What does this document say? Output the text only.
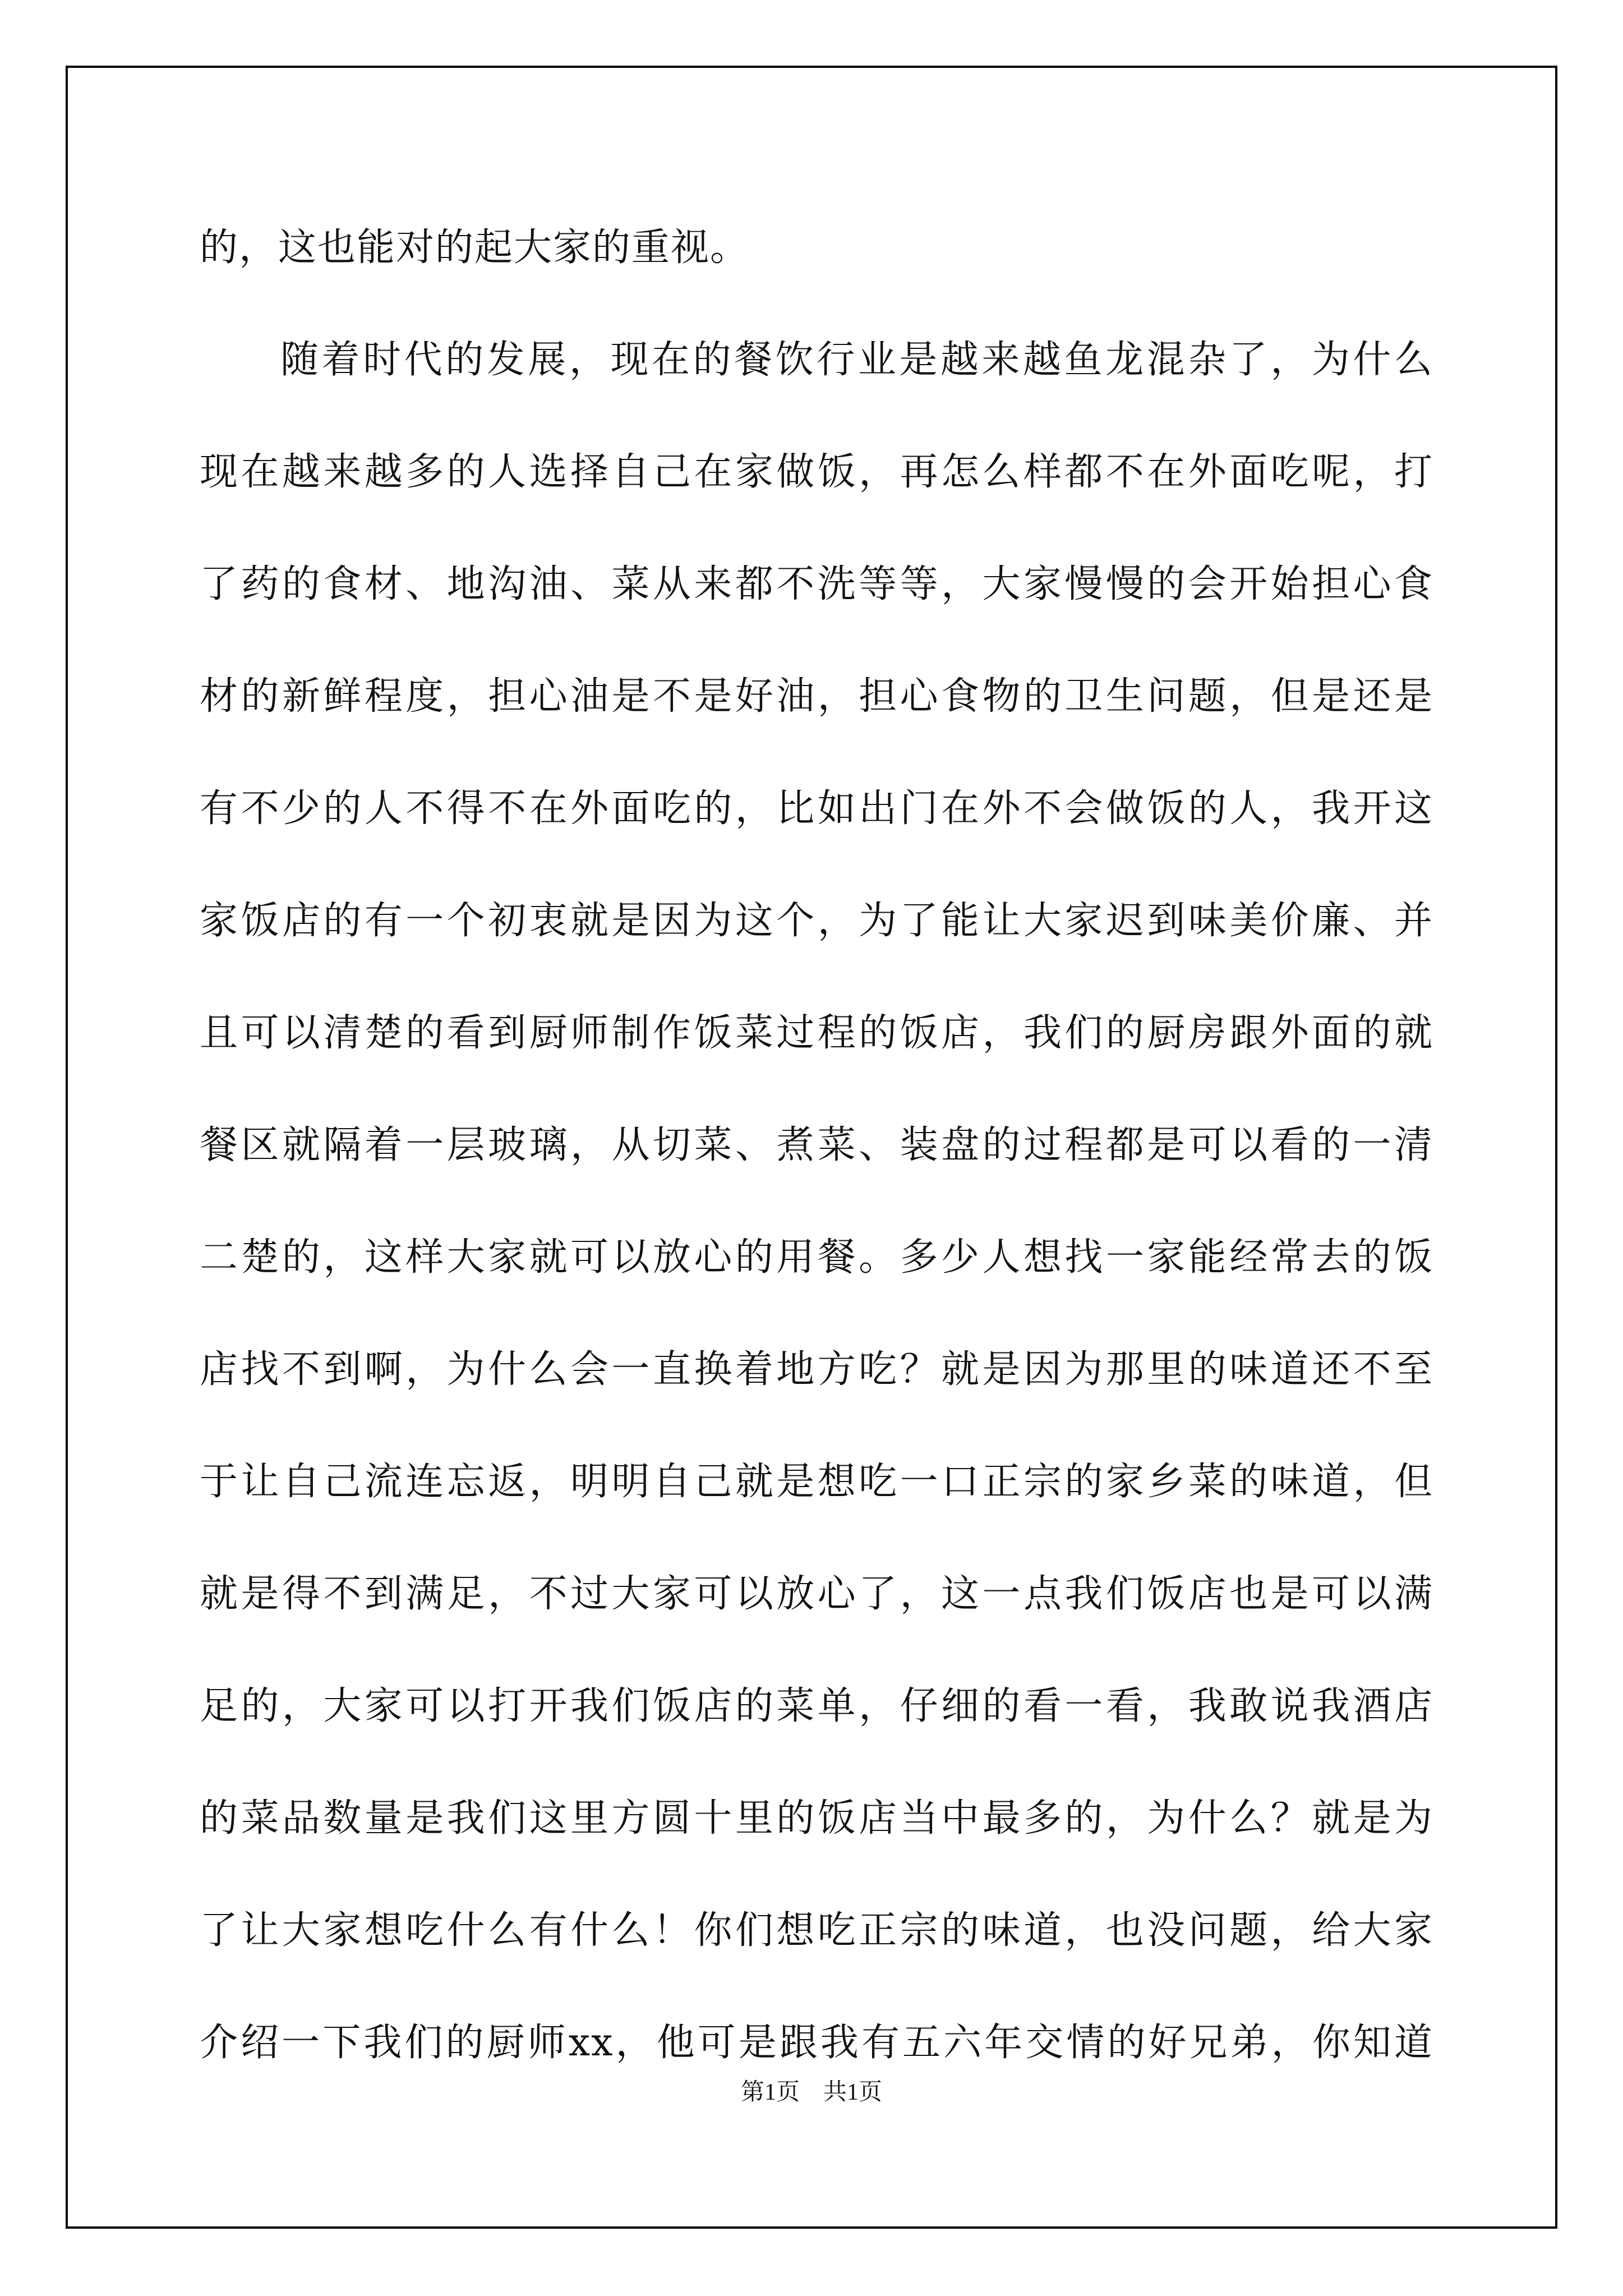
的，这也能对的起大家的重视。
随着时代的发展，现在的餐饮行业是越来越鱼龙混杂了，为什么
现在越来越多的人选择自己在家做饭，再怎么样都不在外面吃呢，打
了药的食材、地沟油、菜从来都不洗等等，大家慢慢的会开始担心食
材的新鲜程度，担心油是不是好油，担心食物的卫生问题，但是还是
有不少的人不得不在外面吃的，比如出门在外不会做饭的人，我开这
家饭店的有一个初衷就是因为这个，为了能让大家迟到味美价廉、并
且可以清楚的看到厨师制作饭菜过程的饭店，我们的厨房跟外面的就
餐区就隔着一层玻璃，从切菜、煮菜、装盘的过程都是可以看的一清
二楚的，这样大家就可以放心的用餐。多少人想找一家能经常去的饭
店找不到啊，为什么会一直换着地方吃？就是因为那里的味道还不至
于让自己流连忘返，明明自己就是想吃一口正宗的家乡菜的味道，但
就是得不到满足，不过大家可以放心了，这一点我们饭店也是可以满
足的，大家可以打开我们饭店的菜单，仔细的看一看，我敢说我酒店
的菜品数量是我们这里方圆十里的饭店当中最多的，为什么？就是为
了让大家想吃什么有什么！你们想吃正宗的味道，也没问题，给大家
介绍一下我们的厨师xx，他可是跟我有五六年交情的好兄弟，你知道
第1页　共1页
